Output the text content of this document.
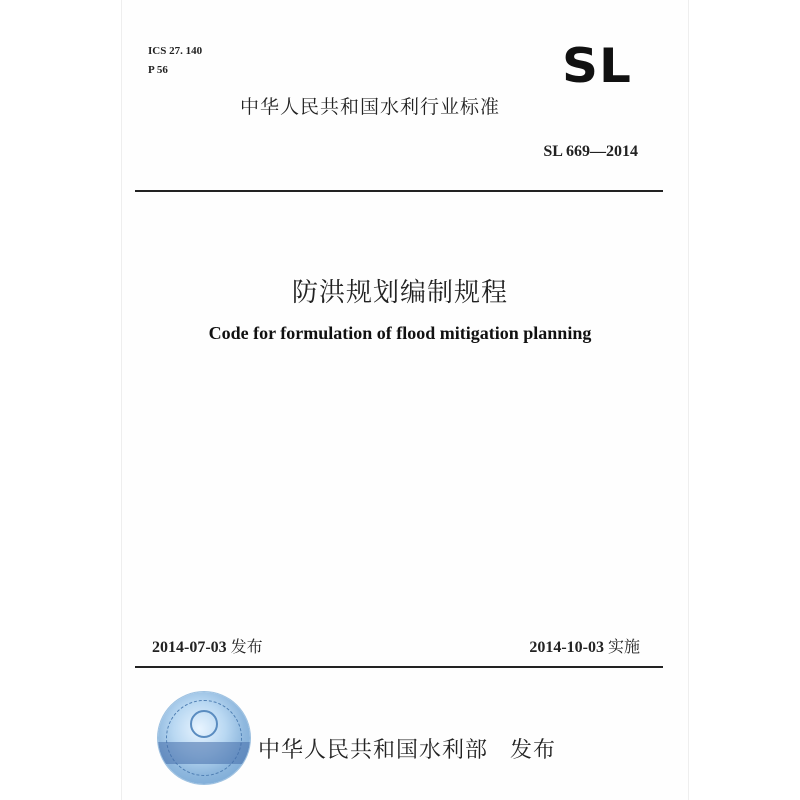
ICS 27. 140
P 56	SL
中华人民共和国水利行业标准
SL 669—2014
防洪规划编制规程
Code for formulation of flood mitigation planning
2014-07-03 发布	2014-10-03 实施
中华人民共和国水利部 发布
